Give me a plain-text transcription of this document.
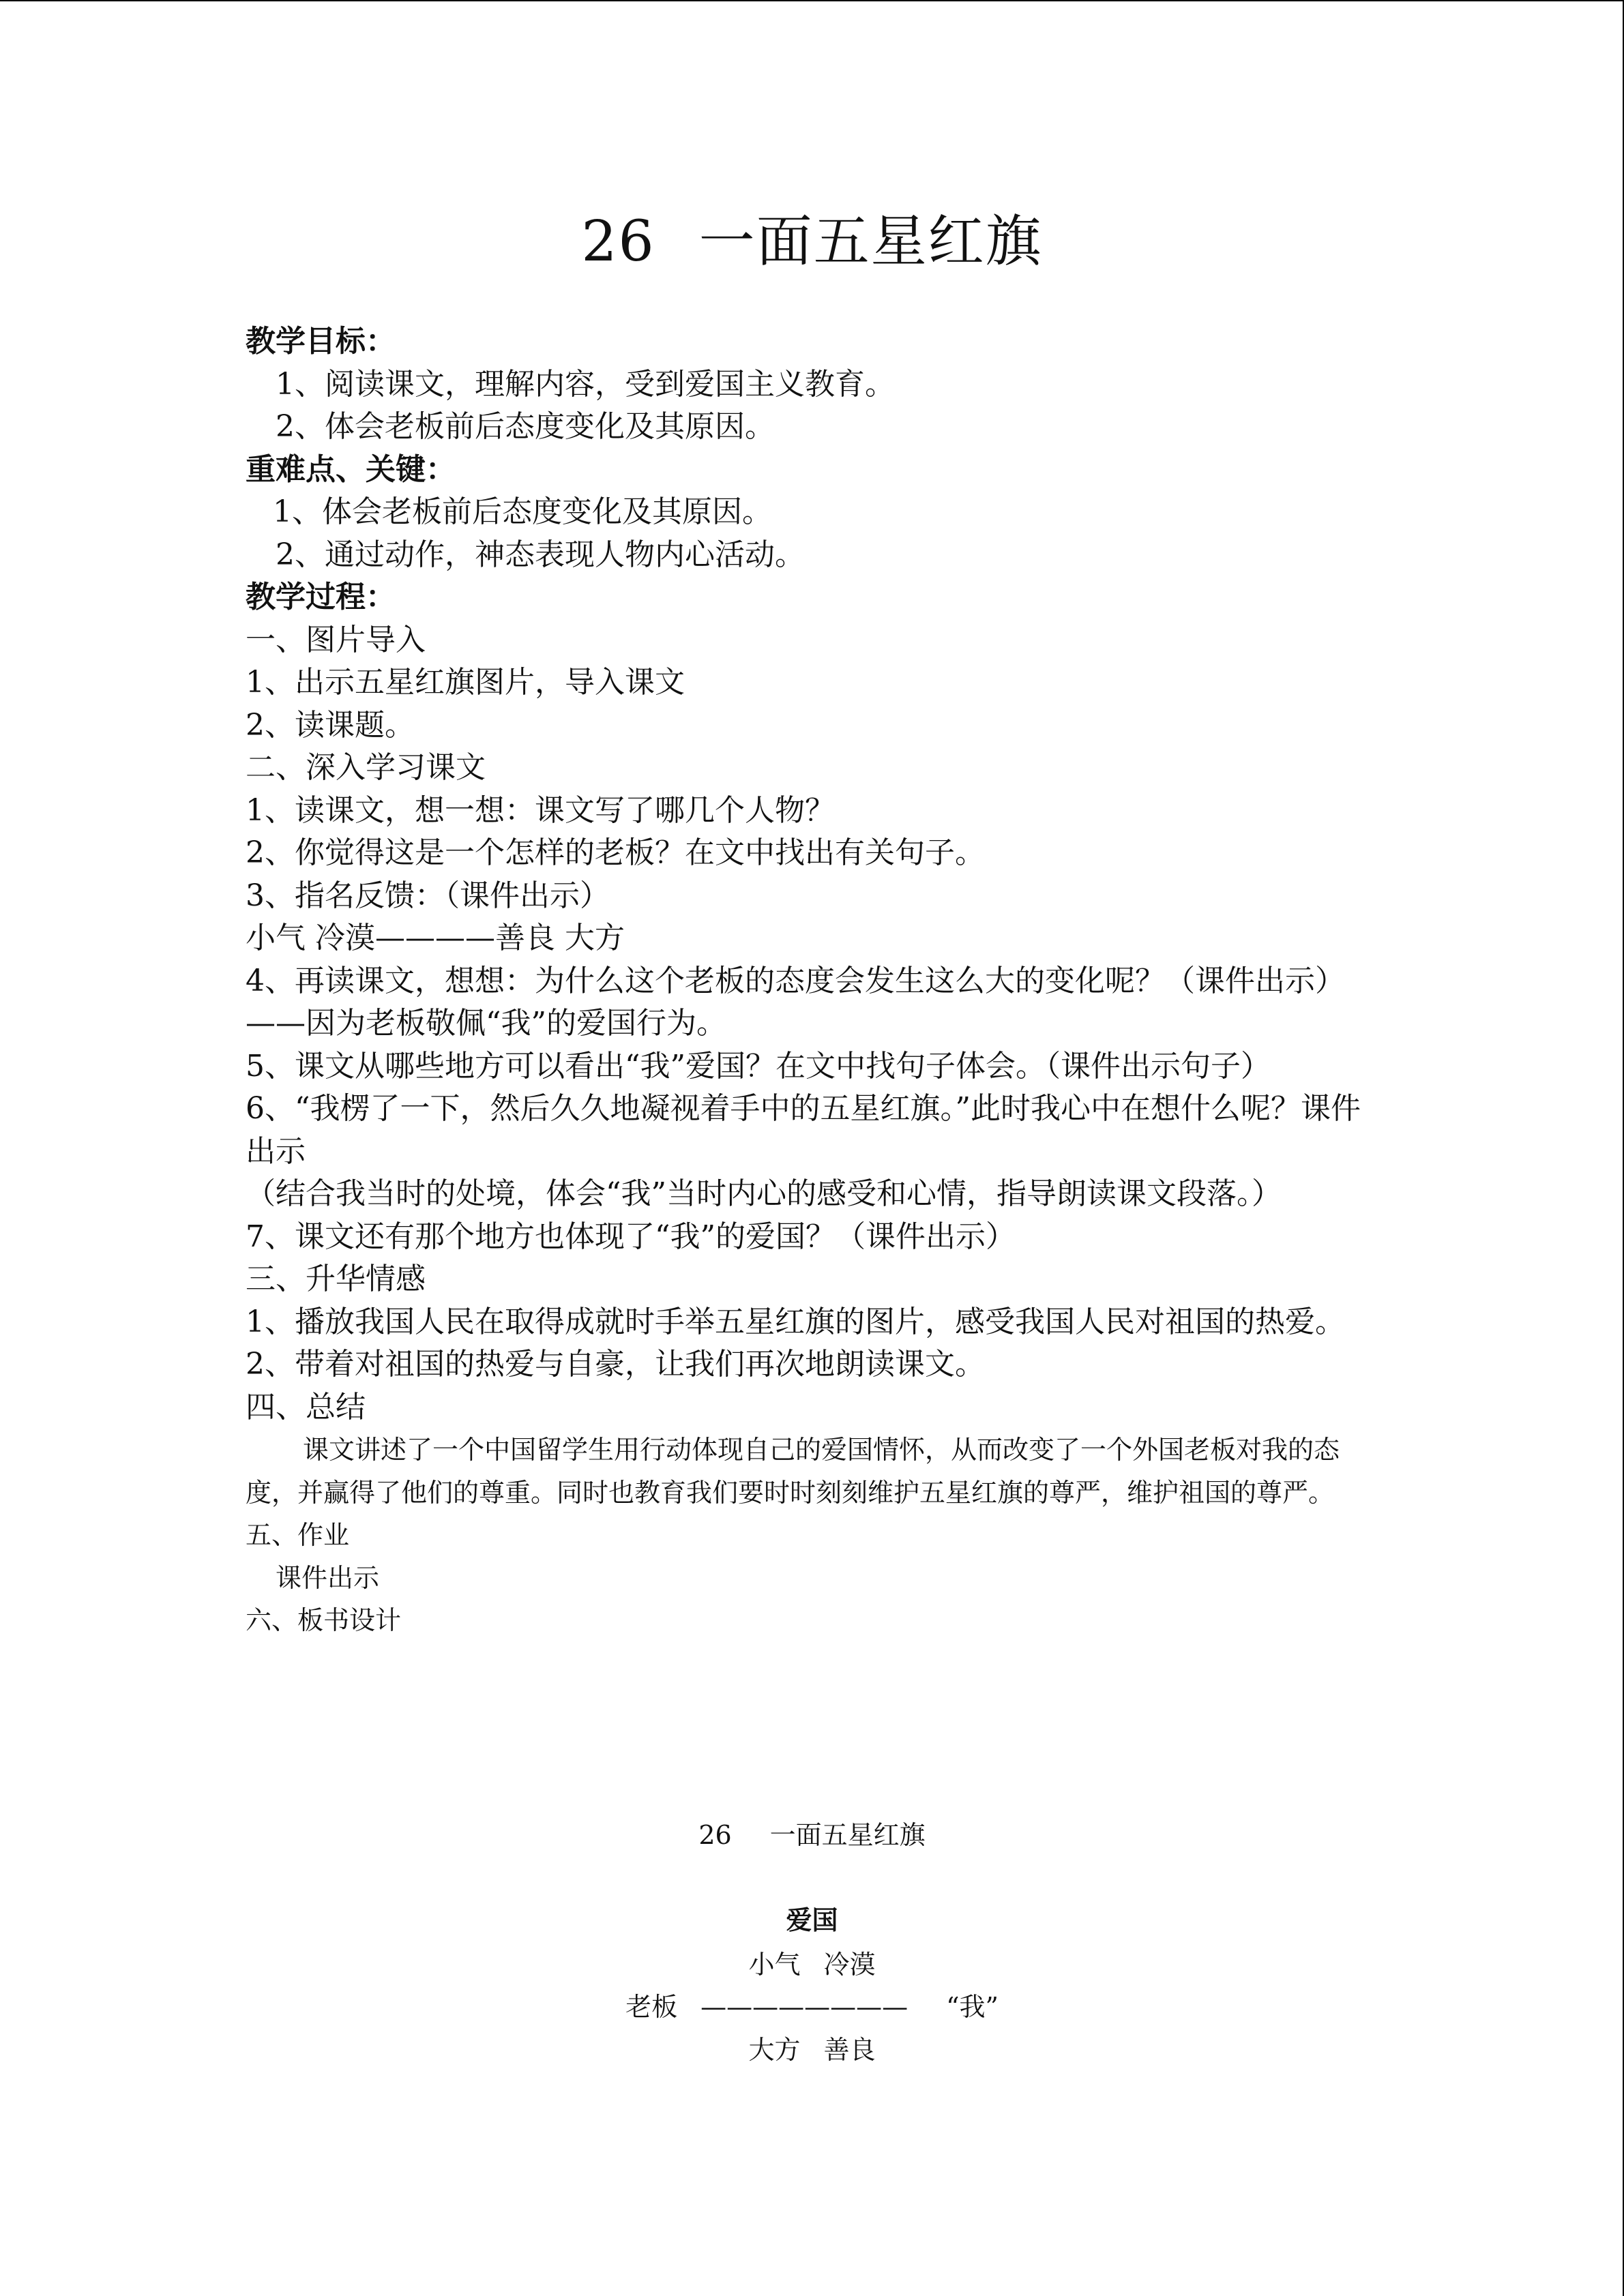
26 一面五星红旗
教学目标：
1、阅读课文，理解内容，受到爱国主义教育。
2、体会老板前后态度变化及其原因。
重难点、关键：
1、体会老板前后态度变化及其原因。
2、通过动作，神态表现人物内心活动。
教学过程：
一、图片导入
1、出示五星红旗图片，导入课文
2、读课题。
二、深入学习课文
1、读课文，想一想：课文写了哪几个人物？
2、你觉得这是一个怎样的老板？在文中找出有关句子。
3、指名反馈：（课件出示）
小气 冷漠————善良 大方
4、再读课文，想想：为什么这个老板的态度会发生这么大的变化呢？（课件出示）——因为老板敬佩“我”的爱国行为。
5、课文从哪些地方可以看出“我”爱国？在文中找句子体会。（课件出示句子）
6、“我楞了一下，然后久久地凝视着手中的五星红旗。”此时我心中在想什么呢？课件出示
（结合我当时的处境，体会“我”当时内心的感受和心情，指导朗读课文段落。）
7、课文还有那个地方也体现了“我”的爱国？（课件出示）
三、升华情感
1、播放我国人民在取得成就时手举五星红旗的图片，感受我国人民对祖国的热爱。
2、带着对祖国的热爱与自豪，让我们再次地朗读课文。
四、总结
课文讲述了一个中国留学生用行动体现自己的爱国情怀，从而改变了一个外国老板对我的态度，并赢得了他们的尊重。同时也教育我们要时时刻刻维护五星红旗的尊严，维护祖国的尊严。
五、作业
课件出示
六、板书设计
26 一面五星红旗
爱国
小气 冷漠
老板 ———————— “我”
大方 善良
